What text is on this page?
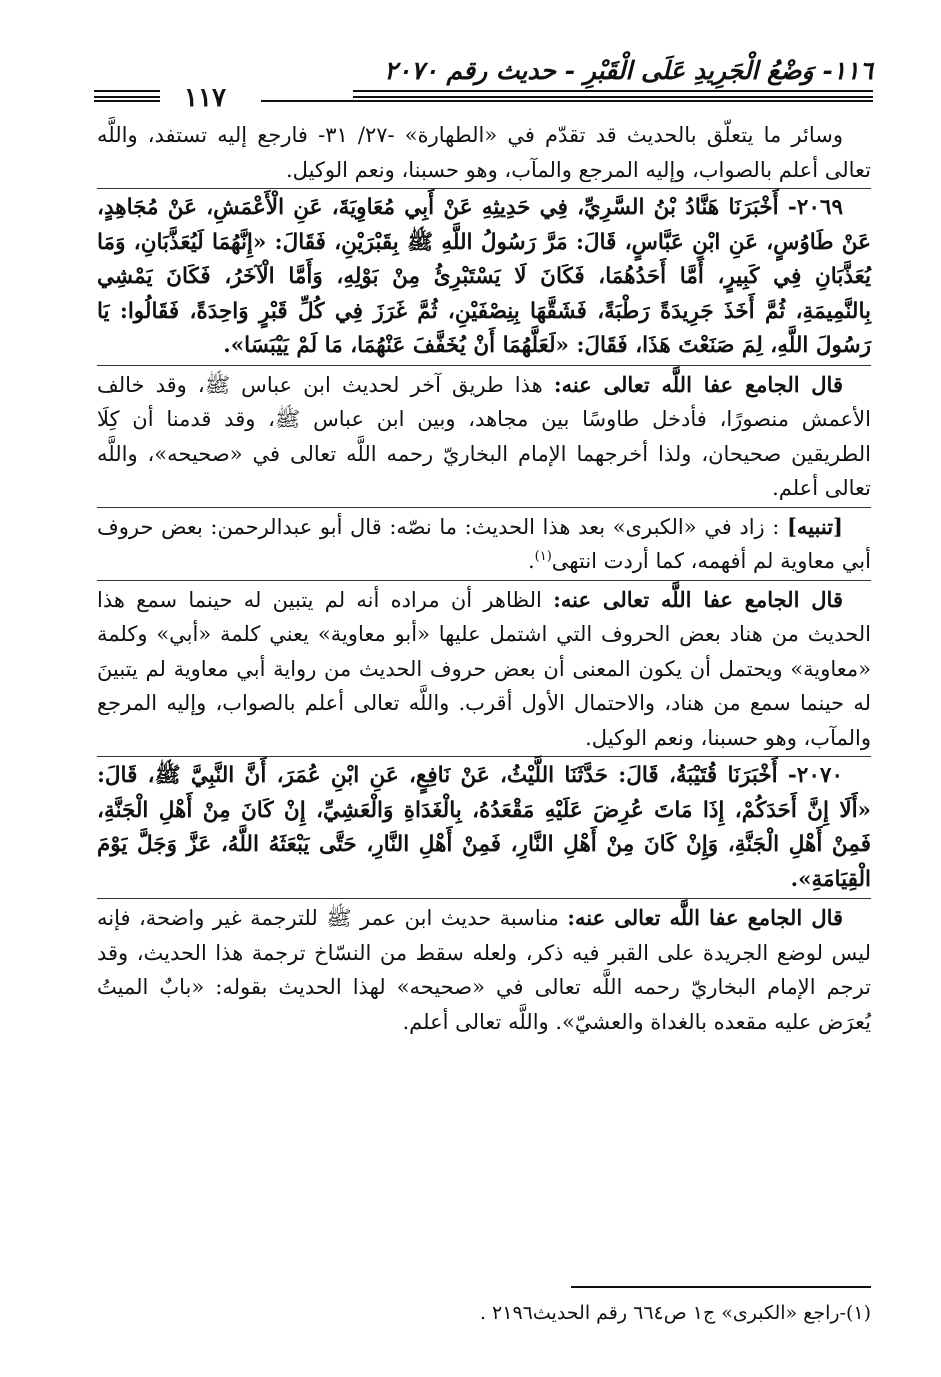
١١٦- وَضْعُ الْجَرِيدِ عَلَى الْقَبْرِ - حديث رقم ٢٠٧٠
١١٧

وسائر ما يتعلّق بالحديث قد تقدّم في «الطهارة» -٢٧/ ٣١- فارجع إليه تستفد، واللَّه تعالى أعلم بالصواب، وإليه المرجع والمآب، وهو حسبنا، ونعم الوكيل.

٢٠٦٩- أَخْبَرَنَا هَنَّادُ بْنُ السَّرِيِّ، فِي حَدِيثِهِ عَنْ أَبِي مُعَاوِيَةَ، عَنِ الْأَعْمَشِ، عَنْ مُجَاهِدٍ، عَنْ طَاوُسٍ، عَنِ ابْنِ عَبَّاسٍ، قَالَ: مَرَّ رَسُولُ اللَّهِ ﷺ بِقَبْرَيْنِ، فَقَالَ: «إِنَّهُمَا لَيُعَذَّبَانِ، وَمَا يُعَذَّبَانِ فِي كَبِيرٍ، أَمَّا أَحَدُهُمَا، فَكَانَ لَا يَسْتَبْرِئُ مِنْ بَوْلِهِ، وَأَمَّا الْآخَرُ، فَكَانَ يَمْشِي بِالنَّمِيمَةِ، ثُمَّ أَخَذَ جَرِيدَةً رَطْبَةً، فَشَقَّهَا بِنِصْفَيْنِ، ثُمَّ غَرَزَ فِي كُلِّ قَبْرٍ وَاحِدَةً، فَقَالُوا: يَا رَسُولَ اللَّهِ، لِمَ صَنَعْتَ هَذَا، فَقَالَ: «لَعَلَّهُمَا أَنْ يُخَفَّفَ عَنْهُمَا، مَا لَمْ يَيْبَسَا».

قال الجامع عفا اللَّه تعالى عنه: هذا طريق آخر لحديث ابن عباس ﷺ، وقد خالف الأعمش منصورًا، فأدخل طاوسًا بين مجاهد، وبين ابن عباس ﷺ، وقد قدمنا أن كِلَا الطريقين صحيحان، ولذا أخرجهما الإمام البخاريّ رحمه اللَّه تعالى في «صحيحه»، واللَّه تعالى أعلم.

[تنبيه] : زاد في «الكبرى» بعد هذا الحديث: ما نصّه: قال أبو عبدالرحمن: بعض حروف أبي معاوية لم أفهمه، كما أردت انتهى$^{(١)}$.

قال الجامع عفا اللَّه تعالى عنه: الظاهر أن مراده أنه لم يتبين له حينما سمع هذا الحديث من هناد بعض الحروف التي اشتمل عليها «أبو معاوية» يعني كلمة «أبي» وكلمة «معاوية» ويحتمل أن يكون المعنى أن بعض حروف الحديث من رواية أبي معاوية لم يتبينَ له حينما سمع من هناد، والاحتمال الأول أقرب. واللَّه تعالى أعلم بالصواب، وإليه المرجع والمآب، وهو حسبنا، ونعم الوكيل.

٢٠٧٠- أَخْبَرَنَا قُتَيْبَةُ، قَالَ: حَدَّثَنَا اللَّيْثُ، عَنْ نَافِعٍ، عَنِ ابْنِ عُمَرَ، أَنَّ النَّبِيَّ ﷺ، قَالَ: «أَلَا إِنَّ أَحَدَكُمْ، إِذَا مَاتَ عُرِضَ عَلَيْهِ مَقْعَدُهُ، بِالْغَدَاةِ وَالْعَشِيِّ، إِنْ كَانَ مِنْ أَهْلِ الْجَنَّةِ، فَمِنْ أَهْلِ الْجَنَّةِ، وَإِنْ كَانَ مِنْ أَهْلِ النَّارِ، فَمِنْ أَهْلِ النَّارِ، حَتَّى يَبْعَثَهُ اللَّهُ، عَزَّ وَجَلَّ يَوْمَ الْقِيَامَةِ».

قال الجامع عفا اللَّه تعالى عنه: مناسبة حديث ابن عمر ﷺ للترجمة غير واضحة، فإنه ليس لوضع الجريدة على القبر فيه ذكر، ولعله سقط من النسّاخ ترجمة هذا الحديث، وقد ترجم الإمام البخاريّ رحمه اللَّه تعالى في «صحيحه» لهذا الحديث بقوله: «بابٌ الميتُ يُعرَض عليه مقعده بالغداة والعشيّ». واللَّه تعالى أعلم.

(١)-راجع «الكبرى» ج١ ص٦٦٤ رقم الحديث٢١٩٦ .
